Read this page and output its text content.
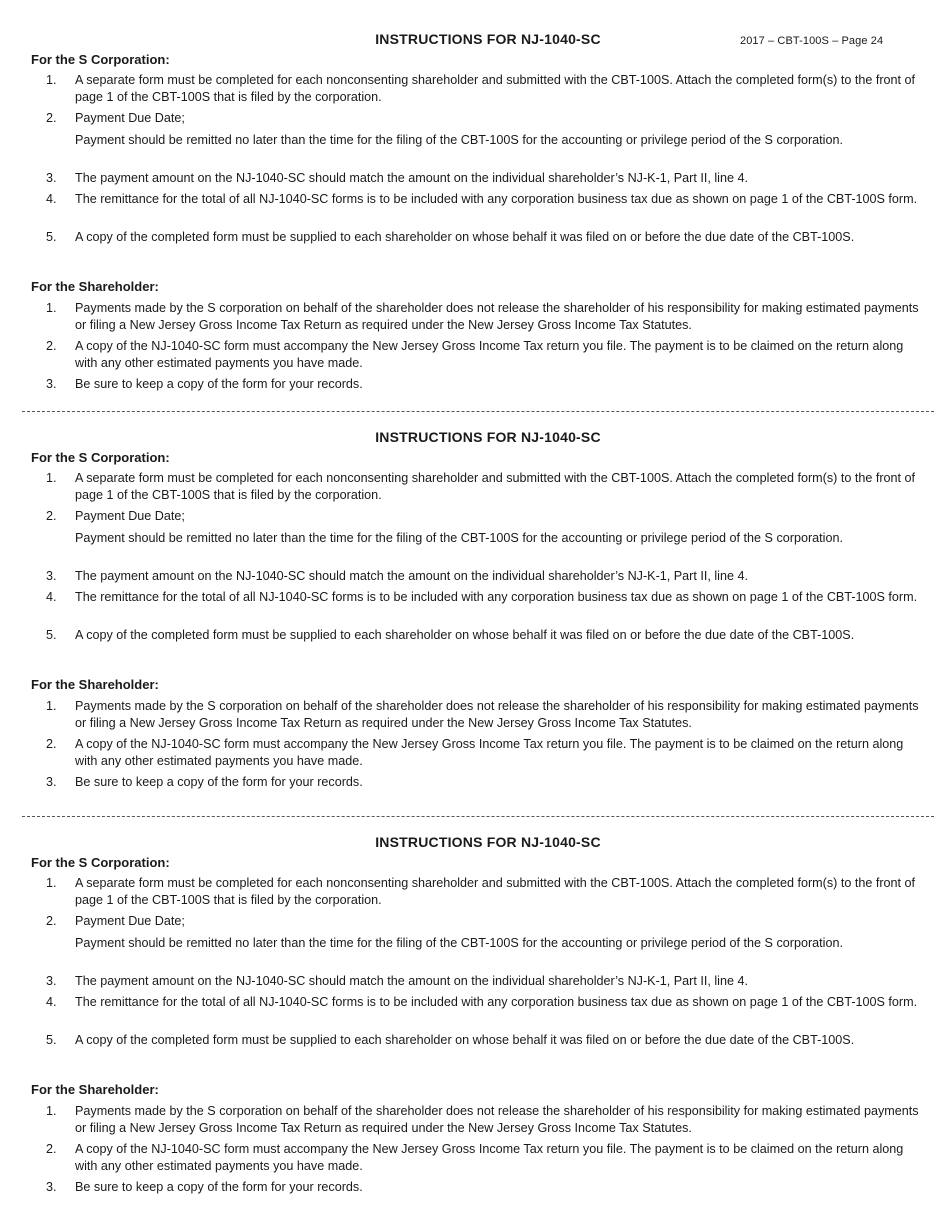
2017 – CBT-100S – Page 24
INSTRUCTIONS FOR NJ-1040-SC
For the S Corporation:
1. A separate form must be completed for each nonconsenting shareholder and submitted with the CBT-100S. Attach the completed form(s) to the front of page 1 of the CBT-100S that is filed by the corporation.
2. Payment Due Date;
Payment should be remitted no later than the time for the filing of the CBT-100S for the accounting or privilege period of the S corporation.
3. The payment amount on the NJ-1040-SC should match the amount on the individual shareholder’s NJ-K-1, Part II, line 4.
4. The remittance for the total of all NJ-1040-SC forms is to be included with any corporation business tax due as shown on page 1 of the CBT-100S form.
5. A copy of the completed form must be supplied to each shareholder on whose behalf it was filed on or before the due date of the CBT-100S.
For the Shareholder:
1. Payments made by the S corporation on behalf of the shareholder does not release the shareholder of his responsibility for making estimated payments or filing a New Jersey Gross Income Tax Return as required under the New Jersey Gross Income Tax Statutes.
2. A copy of the NJ-1040-SC form must accompany the New Jersey Gross Income Tax return you file. The payment is to be claimed on the return along with any other estimated payments you have made.
3. Be sure to keep a copy of the form for your records.
INSTRUCTIONS FOR NJ-1040-SC
For the S Corporation:
1. A separate form must be completed for each nonconsenting shareholder and submitted with the CBT-100S. Attach the completed form(s) to the front of page 1 of the CBT-100S that is filed by the corporation.
2. Payment Due Date;
Payment should be remitted no later than the time for the filing of the CBT-100S for the accounting or privilege period of the S corporation.
3. The payment amount on the NJ-1040-SC should match the amount on the individual shareholder’s NJ-K-1, Part II, line 4.
4. The remittance for the total of all NJ-1040-SC forms is to be included with any corporation business tax due as shown on page 1 of the CBT-100S form.
5. A copy of the completed form must be supplied to each shareholder on whose behalf it was filed on or before the due date of the CBT-100S.
For the Shareholder:
1. Payments made by the S corporation on behalf of the shareholder does not release the shareholder of his responsibility for making estimated payments or filing a New Jersey Gross Income Tax Return as required under the New Jersey Gross Income Tax Statutes.
2. A copy of the NJ-1040-SC form must accompany the New Jersey Gross Income Tax return you file. The payment is to be claimed on the return along with any other estimated payments you have made.
3. Be sure to keep a copy of the form for your records.
INSTRUCTIONS FOR NJ-1040-SC
For the S Corporation:
1. A separate form must be completed for each nonconsenting shareholder and submitted with the CBT-100S. Attach the completed form(s) to the front of page 1 of the CBT-100S that is filed by the corporation.
2. Payment Due Date;
Payment should be remitted no later than the time for the filing of the CBT-100S for the accounting or privilege period of the S corporation.
3. The payment amount on the NJ-1040-SC should match the amount on the individual shareholder’s NJ-K-1, Part II, line 4.
4. The remittance for the total of all NJ-1040-SC forms is to be included with any corporation business tax due as shown on page 1 of the CBT-100S form.
5. A copy of the completed form must be supplied to each shareholder on whose behalf it was filed on or before the due date of the CBT-100S.
For the Shareholder:
1. Payments made by the S corporation on behalf of the shareholder does not release the shareholder of his responsibility for making estimated payments or filing a New Jersey Gross Income Tax Return as required under the New Jersey Gross Income Tax Statutes.
2. A copy of the NJ-1040-SC form must accompany the New Jersey Gross Income Tax return you file. The payment is to be claimed on the return along with any other estimated payments you have made.
3. Be sure to keep a copy of the form for your records.
